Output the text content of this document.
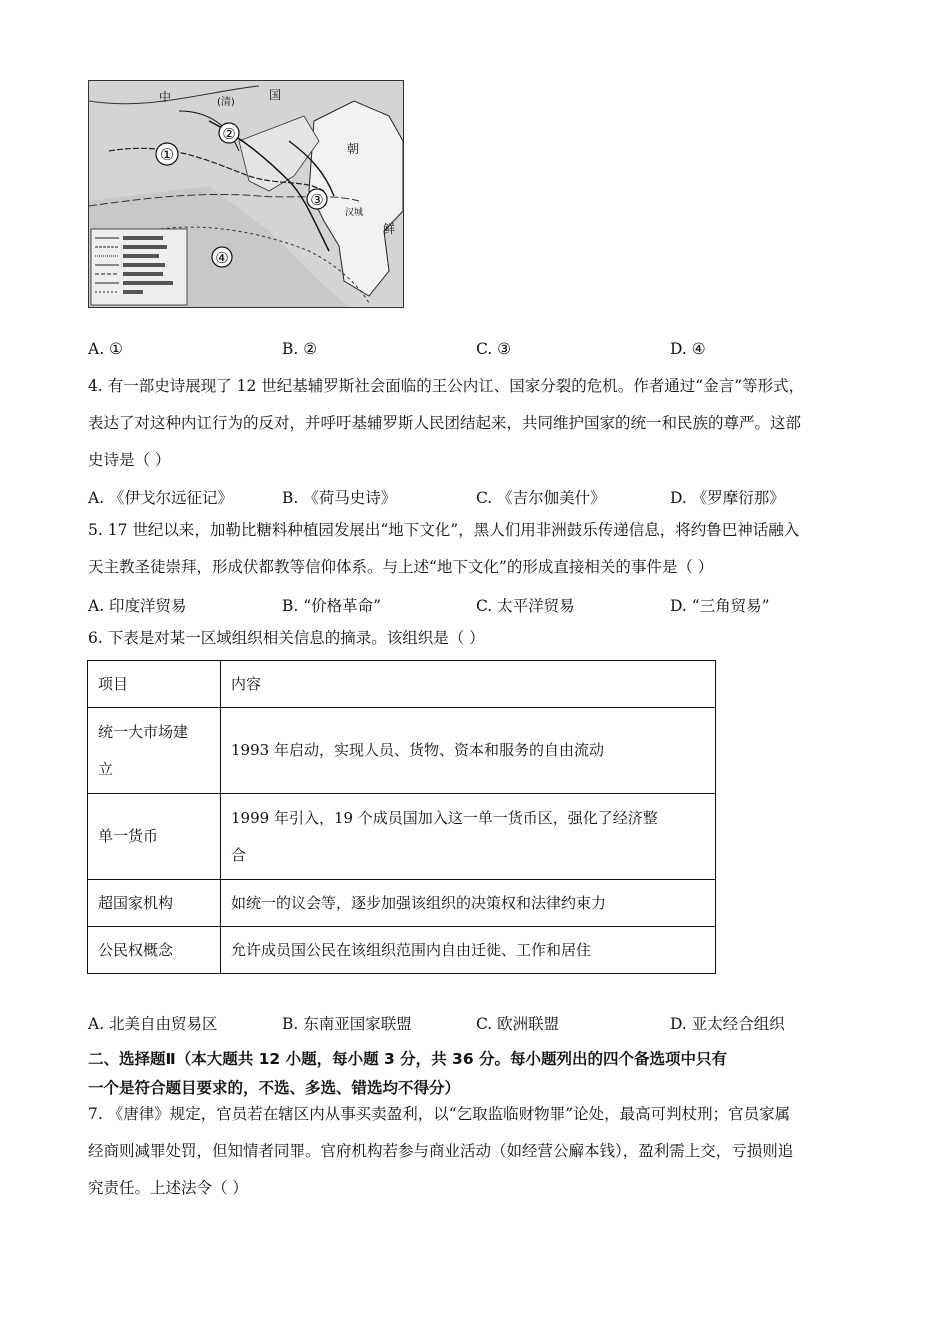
①
②
③
④
中	(清)
国
朝
鲜
汉城
A. ①	B. ②	C. ③	D. ④

4. 有一部史诗展现了 12 世纪基辅罗斯社会面临的王公内讧、国家分裂的危机。作者通过“金言”等形式，
表达了对这种内讧行为的反对，并呼吁基辅罗斯人民团结起来，共同维护国家的统一和民族的尊严。这部
史诗是（ ）

A. 《伊戈尔远征记》	B. 《荷马史诗》	C. 《吉尔伽美什》	D. 《罗摩衍那》

5. 17 世纪以来，加勒比糖料种植园发展出“地下文化”，黑人们用非洲鼓乐传递信息，将约鲁巴神话融入
天主教圣徒崇拜，形成伏都教等信仰体系。与上述“地下文化”的形成直接相关的事件是（ ）

A. 印度洋贸易	B. “价格革命”	C. 太平洋贸易	D. “三角贸易”

6. 下表是对某一区域组织相关信息的摘录。该组织是（ ）

项目	内容

统一大市场建
立	1993 年启动，实现人员、货物、资本和服务的自由流动

单一货币	1999 年引入，19 个成员国加入这一单一货币区，强化了经济整
合

超国家机构	如统一的议会等，逐步加强该组织的决策权和法律约束力

公民权概念	允许成员国公民在该组织范围内自由迁徙、工作和居住
A. 北美自由贸易区	B. 东南亚国家联盟	C. 欧洲联盟	D. 亚太经合组织
二、选择题Ⅱ（本大题共 12 小题，每小题 3 分，共 36 分。每小题列出的四个备选项中只有
一个是符合题目要求的，不选、多选、错选均不得分）

7. 《唐律》规定，官员若在辖区内从事买卖盈利，以“乞取监临财物罪”论处，最高可判杖刑；官员家属
经商则减罪处罚，但知情者同罪。官府机构若参与商业活动（如经营公廨本钱），盈利需上交，亏损则追
究责任。上述法令（ ）
